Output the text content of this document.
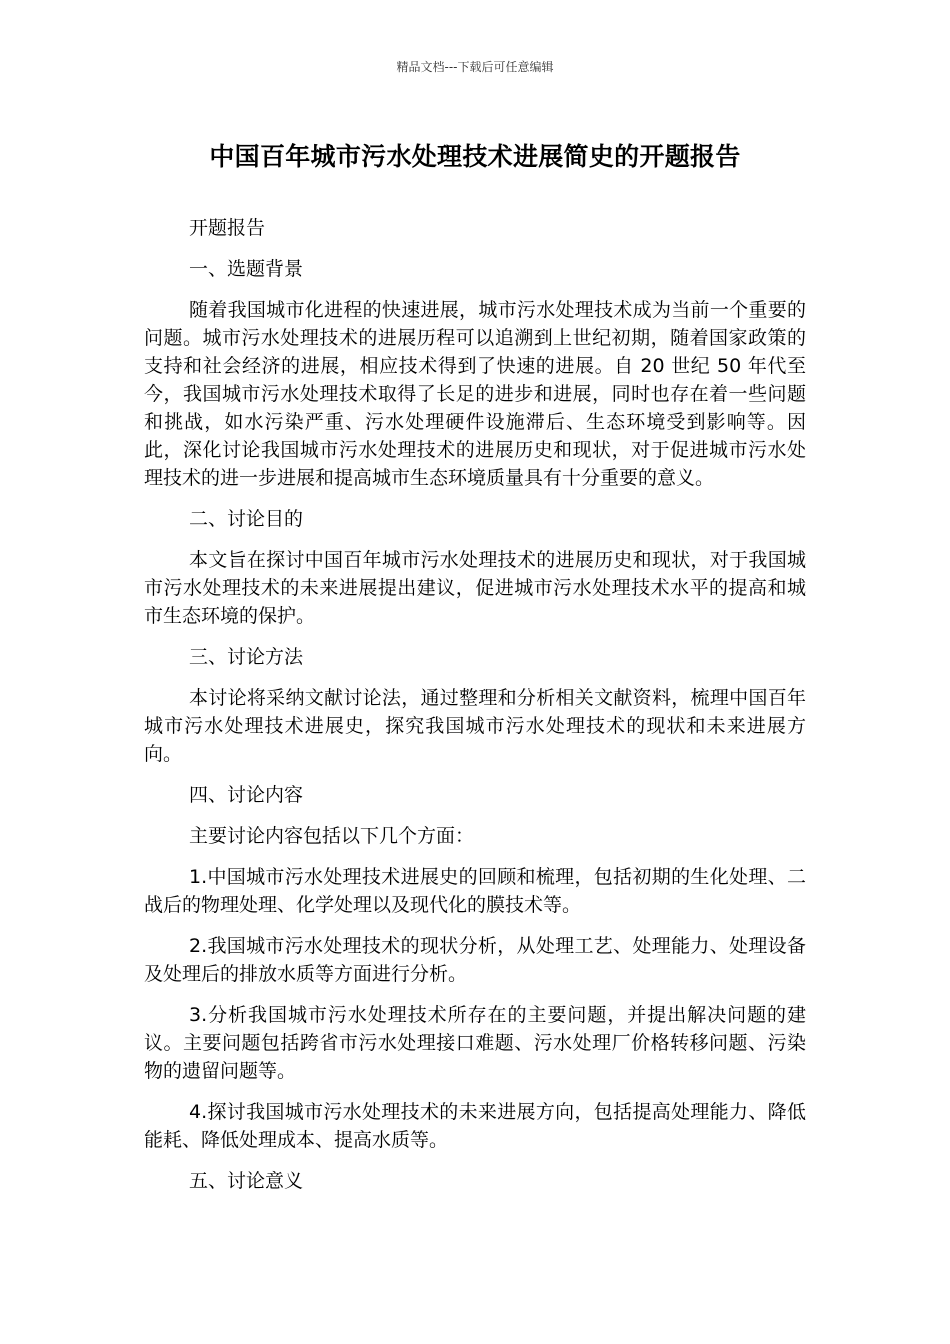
精品文档---下载后可任意编辑
中国百年城市污水处理技术进展简史的开题报告

开题报告

一、选题背景

随着我国城市化进程的快速进展，城市污水处理技术成为当前一个重要的问题。城市污水处理技术的进展历程可以追溯到上世纪初期，随着国家政策的支持和社会经济的进展，相应技术得到了快速的进展。自 20 世纪 50 年代至今，我国城市污水处理技术取得了长足的进步和进展，同时也存在着一些问题和挑战，如水污染严重、污水处理硬件设施滞后、生态环境受到影响等。因此，深化讨论我国城市污水处理技术的进展历史和现状，对于促进城市污水处理技术的进一步进展和提高城市生态环境质量具有十分重要的意义。

二、讨论目的

本文旨在探讨中国百年城市污水处理技术的进展历史和现状，对于我国城市污水处理技术的未来进展提出建议，促进城市污水处理技术水平的提高和城市生态环境的保护。

三、讨论方法

本讨论将采纳文献讨论法，通过整理和分析相关文献资料，梳理中国百年城市污水处理技术进展史，探究我国城市污水处理技术的现状和未来进展方向。

四、讨论内容

主要讨论内容包括以下几个方面：

1.中国城市污水处理技术进展史的回顾和梳理，包括初期的生化处理、二战后的物理处理、化学处理以及现代化的膜技术等。

2.我国城市污水处理技术的现状分析，从处理工艺、处理能力、处理设备及处理后的排放水质等方面进行分析。

3.分析我国城市污水处理技术所存在的主要问题，并提出解决问题的建议。主要问题包括跨省市污水处理接口难题、污水处理厂价格转移问题、污染物的遗留问题等。

4.探讨我国城市污水处理技术的未来进展方向，包括提高处理能力、降低能耗、降低处理成本、提高水质等。

五、讨论意义
